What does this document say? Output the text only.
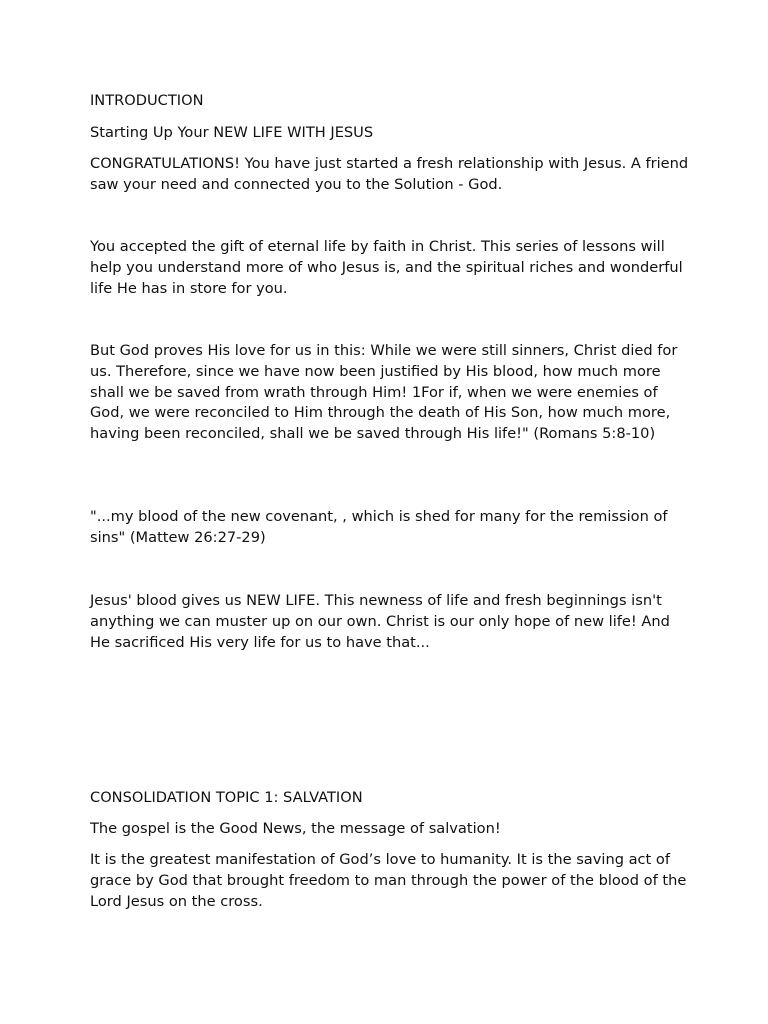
INTRODUCTION

Starting Up Your NEW LIFE WITH JESUS

CONGRATULATIONS! You have just started a fresh relationship with Jesus. A friend saw your need and connected you to the Solution - God.

You accepted the gift of eternal life by faith in Christ. This series of lessons will help you understand more of who Jesus is, and the spiritual riches and wonderful life He has in store for you.

But God proves His love for us in this: While we were still sinners, Christ died for us. Therefore, since we have now been justified by His blood, how much more shall we be saved from wrath through Him! 1For if, when we were enemies of God, we were reconciled to Him through the death of His Son, how much more, having been reconciled, shall we be saved through His life!" (Romans 5:8-10)

"...my blood of the new covenant, , which is shed for many for the remission of sins" (Mattew 26:27-29)

Jesus' blood gives us NEW LIFE. This newness of life and fresh beginnings isn't anything we can muster up on our own. Christ is our only hope of new life! And He sacrificed His very life for us to have that...

CONSOLIDATION TOPIC 1: SALVATION

The gospel is the Good News, the message of salvation!

It is the greatest manifestation of God’s love to humanity. It is the saving act of grace by God that brought freedom to man through the power of the blood of the Lord Jesus on the cross.
